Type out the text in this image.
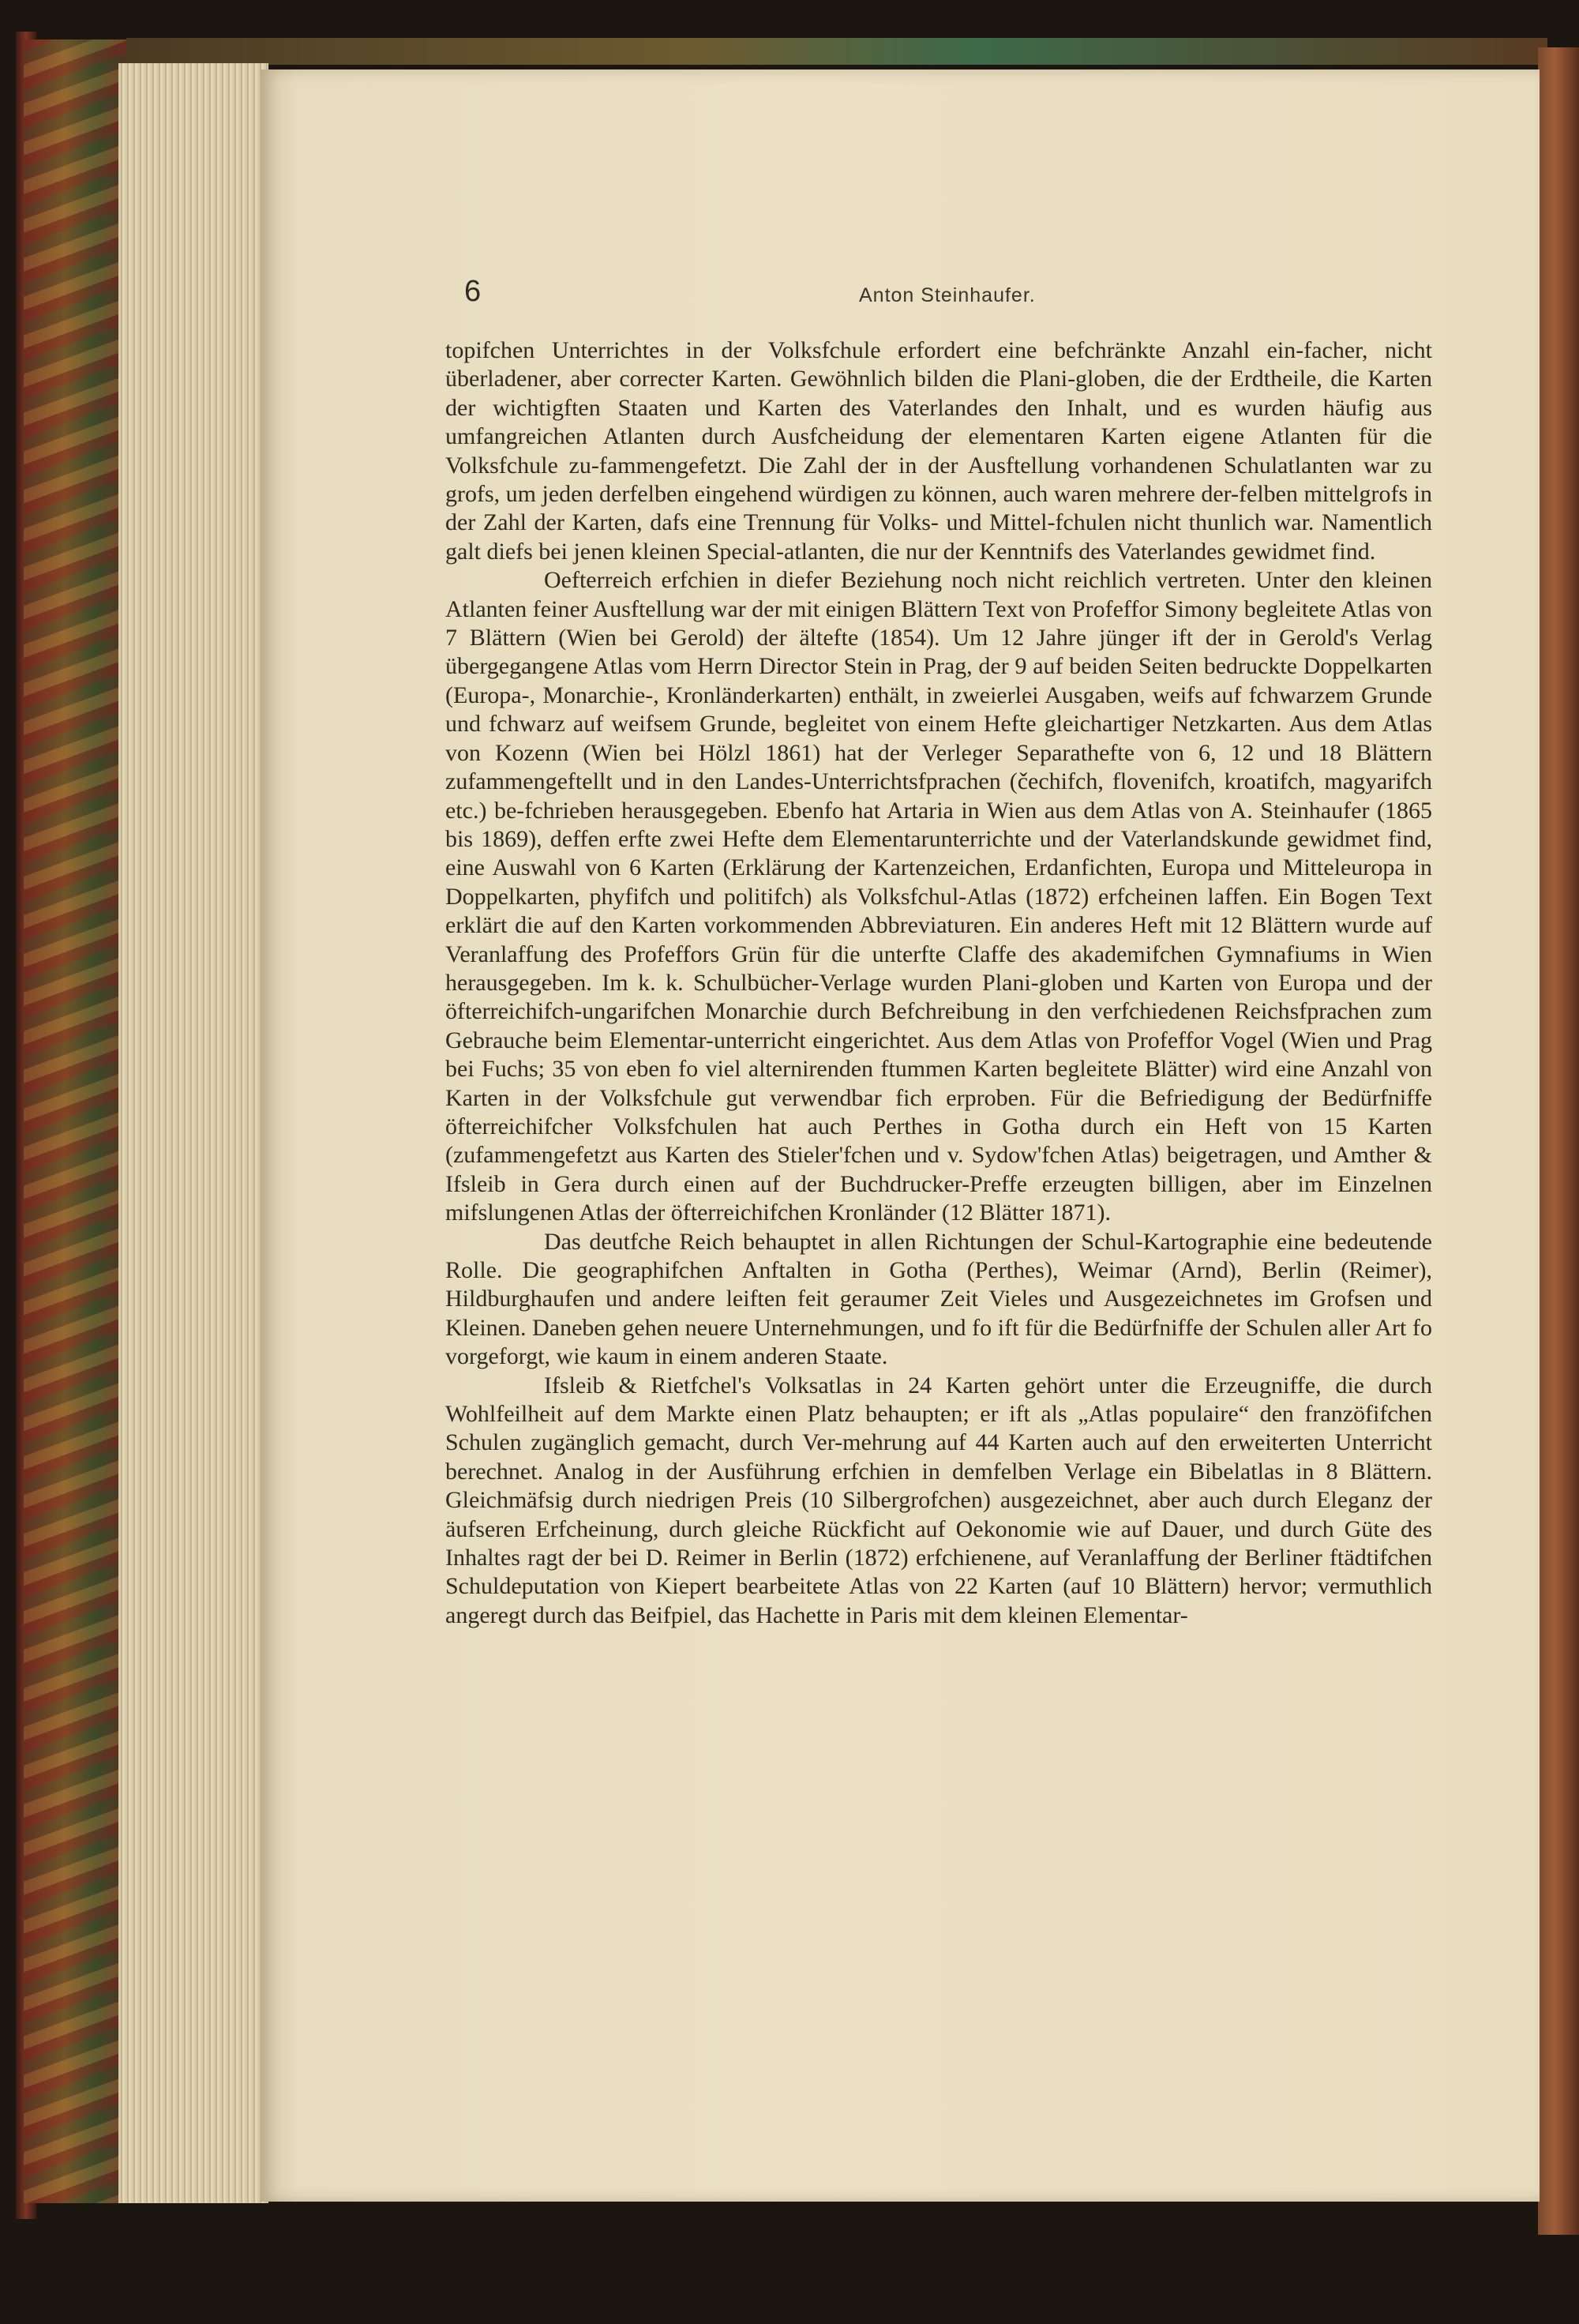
6	Anton Steinhaufer.

topifchen Unterrichtes in der Volksfchule erfordert eine befchränkte Anzahl ein-facher, nicht überladener, aber correcter Karten. Gewöhnlich bilden die Plani-globen, die der Erdtheile, die Karten der wichtigften Staaten und Karten des Vaterlandes den Inhalt, und es wurden häufig aus umfangreichen Atlanten durch Ausfcheidung der elementaren Karten eigene Atlanten für die Volksfchule zu-fammengefetzt. Die Zahl der in der Ausftellung vorhandenen Schulatlanten war zu grofs, um jeden derfelben eingehend würdigen zu können, auch waren mehrere der-felben mittelgrofs in der Zahl der Karten, dafs eine Trennung für Volks- und Mittel-fchulen nicht thunlich war. Namentlich galt diefs bei jenen kleinen Special-atlanten, die nur der Kenntnifs des Vaterlandes gewidmet find.

Oefterreich erfchien in diefer Beziehung noch nicht reichlich vertreten. Unter den kleinen Atlanten feiner Ausftellung war der mit einigen Blättern Text von Profeffor Simony begleitete Atlas von 7 Blättern (Wien bei Gerold) der ältefte (1854). Um 12 Jahre jünger ift der in Gerold's Verlag übergegangene Atlas vom Herrn Director Stein in Prag, der 9 auf beiden Seiten bedruckte Doppelkarten (Europa-, Monarchie-, Kronländerkarten) enthält, in zweierlei Ausgaben, weifs auf fchwarzem Grunde und fchwarz auf weifsem Grunde, begleitet von einem Hefte gleichartiger Netzkarten. Aus dem Atlas von Kozenn (Wien bei Hölzl 1861) hat der Verleger Separathefte von 6, 12 und 18 Blättern zufammengeftellt und in den Landes-Unterrichtsfprachen (čechifch, flovenifch, kroatifch, magyarifch etc.) be-fchrieben herausgegeben. Ebenfo hat Artaria in Wien aus dem Atlas von A. Steinhaufer (1865 bis 1869), deffen erfte zwei Hefte dem Elementarunterrichte und der Vaterlandskunde gewidmet find, eine Auswahl von 6 Karten (Erklärung der Kartenzeichen, Erdanfichten, Europa und Mitteleuropa in Doppelkarten, phyfifch und politifch) als Volksfchul-Atlas (1872) erfcheinen laffen. Ein Bogen Text erklärt die auf den Karten vorkommenden Abbreviaturen. Ein anderes Heft mit 12 Blättern wurde auf Veranlaffung des Profeffors Grün für die unterfte Claffe des akademifchen Gymnafiums in Wien herausgegeben. Im k. k. Schulbücher-Verlage wurden Plani-globen und Karten von Europa und der öfterreichifch-ungarifchen Monarchie durch Befchreibung in den verfchiedenen Reichsfprachen zum Gebrauche beim Elementar-unterricht eingerichtet. Aus dem Atlas von Profeffor Vogel (Wien und Prag bei Fuchs; 35 von eben fo viel alternirenden ftummen Karten begleitete Blätter) wird eine Anzahl von Karten in der Volksfchule gut verwendbar fich erproben. Für die Befriedigung der Bedürfniffe öfterreichifcher Volksfchulen hat auch Perthes in Gotha durch ein Heft von 15 Karten (zufammengefetzt aus Karten des Stieler'fchen und v. Sydow'fchen Atlas) beigetragen, und Amther & Ifsleib in Gera durch einen auf der Buchdrucker-Preffe erzeugten billigen, aber im Einzelnen mifslungenen Atlas der öfterreichifchen Kronländer (12 Blätter 1871).

Das deutfche Reich behauptet in allen Richtungen der Schul-Kartographie eine bedeutende Rolle. Die geographifchen Anftalten in Gotha (Perthes), Weimar (Arnd), Berlin (Reimer), Hildburghaufen und andere leiften feit geraumer Zeit Vieles und Ausgezeichnetes im Grofsen und Kleinen. Daneben gehen neuere Unternehmungen, und fo ift für die Bedürfniffe der Schulen aller Art fo vorgeforgt, wie kaum in einem anderen Staate.

Ifsleib & Rietfchel's Volksatlas in 24 Karten gehört unter die Erzeugniffe, die durch Wohlfeilheit auf dem Markte einen Platz behaupten; er ift als „Atlas populaire“ den franzöfifchen Schulen zugänglich gemacht, durch Ver-mehrung auf 44 Karten auch auf den erweiterten Unterricht berechnet. Analog in der Ausführung erfchien in demfelben Verlage ein Bibelatlas in 8 Blättern. Gleichmäfsig durch niedrigen Preis (10 Silbergrofchen) ausgezeichnet, aber auch durch Eleganz der äufseren Erfcheinung, durch gleiche Rückficht auf Oekonomie wie auf Dauer, und durch Güte des Inhaltes ragt der bei D. Reimer in Berlin (1872) erfchienene, auf Veranlaffung der Berliner ftädtifchen Schuldeputation von Kiepert bearbeitete Atlas von 22 Karten (auf 10 Blättern) hervor; vermuthlich angeregt durch das Beifpiel, das Hachette in Paris mit dem kleinen Elementar-
